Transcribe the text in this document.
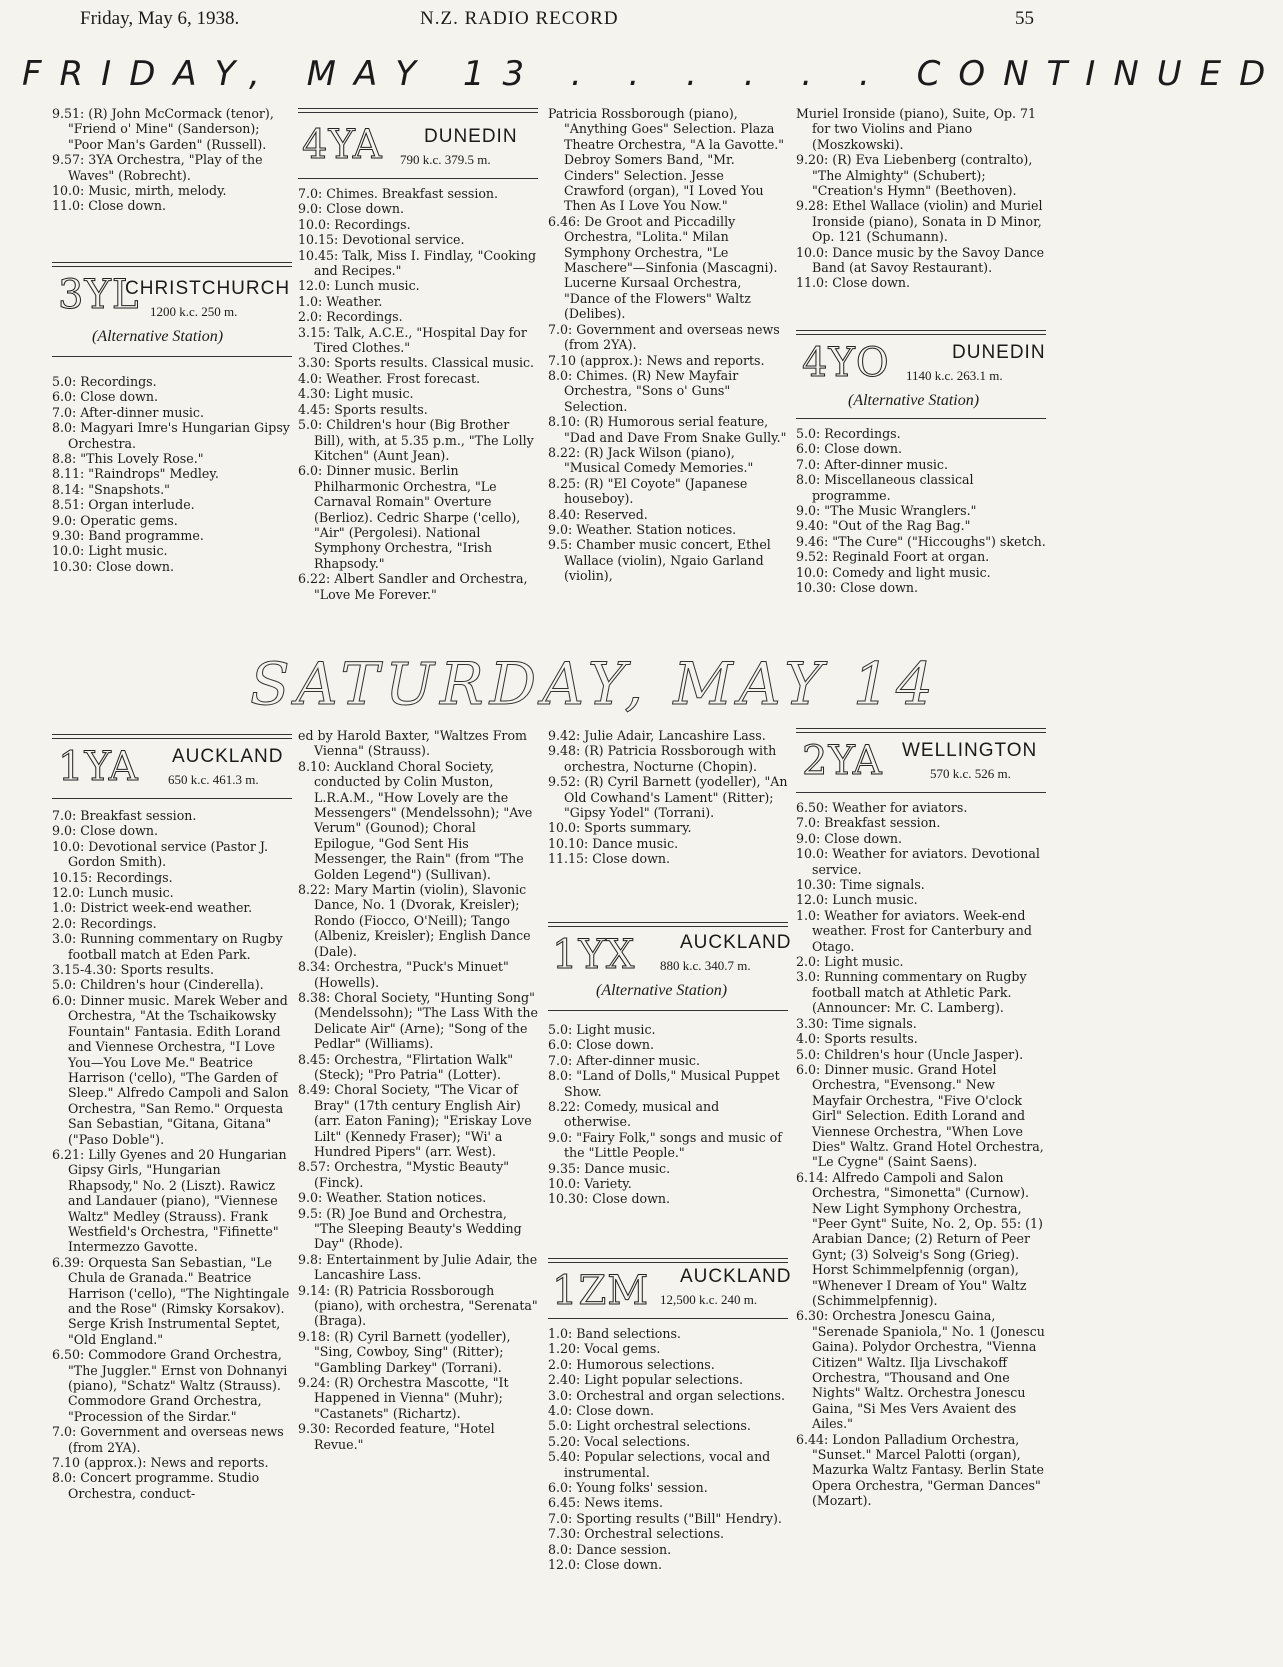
Friday, May 6, 1938.	N.Z. RADIO RECORD	55
FRIDAY, MAY 13 . . . . . . CONTINUED

9.51: (R) John McCormack (tenor), "Friend o' Mine" (Sanderson); "Poor Man's Garden" (Russell).

9.57: 3YA Orchestra, "Play of the Waves" (Robrecht).

10.0: Music, mirth, melody.

11.0: Close down.

3YL
CHRISTCHURCH
1200 k.c. 250 m.
(Alternative Station)

5.0: Recordings.

6.0: Close down.

7.0: After-dinner music.

8.0: Magyari Imre's Hungarian Gipsy Orchestra.

8.8: "This Lovely Rose."

8.11: "Raindrops" Medley.

8.14: "Snapshots."

8.51: Organ interlude.

9.0: Operatic gems.

9.30: Band programme.

10.0: Light music.

10.30: Close down.

4YA DUNEDIN
790 k.c. 379.5 m.

7.0: Chimes. Breakfast session.

9.0: Close down.

10.0: Recordings.

10.15: Devotional service.

10.45: Talk, Miss I. Findlay, "Cooking and Recipes."

12.0: Lunch music.

1.0: Weather.

2.0: Recordings.

3.15: Talk, A.C.E., "Hospital Day for Tired Clothes."

3.30: Sports results. Classical music.

4.0: Weather. Frost forecast.

4.30: Light music.

4.45: Sports results.

5.0: Children's hour (Big Brother Bill), with, at 5.35 p.m., "The Lolly Kitchen" (Aunt Jean).

6.0: Dinner music. Berlin Philharmonic Orchestra, "Le Carnaval Romain" Overture (Berlioz). Cedric Sharpe ('cello), "Air" (Pergolesi). National Symphony Orchestra, "Irish Rhapsody."

6.22: Albert Sandler and Orchestra, "Love Me Forever."

Patricia Rossborough (piano), "Anything Goes" Selection. Plaza Theatre Orchestra, "A la Gavotte." Debroy Somers Band, "Mr. Cinders" Selection. Jesse Crawford (organ), "I Loved You Then As I Love You Now."

6.46: De Groot and Piccadilly Orchestra, "Lolita." Milan Symphony Orchestra, "Le Maschere"—Sinfonia (Mascagni). Lucerne Kursaal Orchestra, "Dance of the Flowers" Waltz (Delibes).

7.0: Government and overseas news (from 2YA).

7.10 (approx.): News and reports.

8.0: Chimes. (R) New Mayfair Orchestra, "Sons o' Guns" Selection.

8.10: (R) Humorous serial feature, "Dad and Dave From Snake Gully."

8.22: (R) Jack Wilson (piano), "Musical Comedy Memories."

8.25: (R) "El Coyote" (Japanese houseboy).

8.40: Reserved.

9.0: Weather. Station notices.

9.5: Chamber music concert, Ethel Wallace (violin), Ngaio Garland (violin),

Muriel Ironside (piano), Suite, Op. 71 for two Violins and Piano (Moszkowski).

9.20: (R) Eva Liebenberg (contralto), "The Almighty" (Schubert); "Creation's Hymn" (Beethoven).

9.28: Ethel Wallace (violin) and Muriel Ironside (piano), Sonata in D Minor, Op. 121 (Schumann).

10.0: Dance music by the Savoy Dance Band (at Savoy Restaurant).

11.0: Close down.

4YO	DUNEDIN
1140 k.c. 263.1 m.
(Alternative Station)

5.0: Recordings.

6.0: Close down.

7.0: After-dinner music.

8.0: Miscellaneous classical programme.

9.0: "The Music Wranglers."

9.40: "Out of the Rag Bag."

9.46: "The Cure" ("Hiccoughs") sketch.

9.52: Reginald Foort at organ.

10.0: Comedy and light music.

10.30: Close down.

SATURDAY, MAY 14
1YA AUCKLAND
650 k.c. 461.3 m.

7.0: Breakfast session.

9.0: Close down.

10.0: Devotional service (Pastor J. Gordon Smith).

10.15: Recordings.

12.0: Lunch music.

1.0: District week-end weather.

2.0: Recordings.

3.0: Running commentary on Rugby football match at Eden Park.

3.15-4.30: Sports results.

5.0: Children's hour (Cinderella).

6.0: Dinner music. Marek Weber and Orchestra, "At the Tschaikowsky Fountain" Fantasia. Edith Lorand and Viennese Orchestra, "I Love You—You Love Me." Beatrice Harrison ('cello), "The Garden of Sleep." Alfredo Campoli and Salon Orchestra, "San Remo." Orquesta San Sebastian, "Gitana, Gitana" ("Paso Doble").

6.21: Lilly Gyenes and 20 Hungarian Gipsy Girls, "Hungarian Rhapsody," No. 2 (Liszt). Rawicz and Landauer (piano), "Viennese Waltz" Medley (Strauss). Frank Westfield's Orchestra, "Fifinette" Intermezzo Gavotte.

6.39: Orquesta San Sebastian, "Le Chula de Granada." Beatrice Harrison ('cello), "The Nightingale and the Rose" (Rimsky Korsakov). Serge Krish Instrumental Septet, "Old England."

6.50: Commodore Grand Orchestra, "The Juggler." Ernst von Dohnanyi (piano), "Schatz" Waltz (Strauss). Commodore Grand Orchestra, "Procession of the Sirdar."

7.0: Government and overseas news (from 2YA).

7.10 (approx.): News and reports.

8.0: Concert programme. Studio Orchestra, conduct-

ed by Harold Baxter, "Waltzes From Vienna" (Strauss).

8.10: Auckland Choral Society, conducted by Colin Muston, L.R.A.M., "How Lovely are the Messengers" (Mendelssohn); "Ave Verum" (Gounod); Choral Epilogue, "God Sent His Messenger, the Rain" (from "The Golden Legend") (Sullivan).

8.22: Mary Martin (violin), Slavonic Dance, No. 1 (Dvorak, Kreisler); Rondo (Fiocco, O'Neill); Tango (Albeniz, Kreisler); English Dance (Dale).

8.34: Orchestra, "Puck's Minuet" (Howells).

8.38: Choral Society, "Hunting Song" (Mendelssohn); "The Lass With the Delicate Air" (Arne); "Song of the Pedlar" (Williams).

8.45: Orchestra, "Flirtation Walk" (Steck); "Pro Patria" (Lotter).

8.49: Choral Society, "The Vicar of Bray" (17th century English Air) (arr. Eaton Faning); "Eriskay Love Lilt" (Kennedy Fraser); "Wi' a Hundred Pipers" (arr. West).

8.57: Orchestra, "Mystic Beauty" (Finck).

9.0: Weather. Station notices.

9.5: (R) Joe Bund and Orchestra, "The Sleeping Beauty's Wedding Day" (Rhode).

9.8: Entertainment by Julie Adair, the Lancashire Lass.

9.14: (R) Patricia Rossborough (piano), with orchestra, "Serenata" (Braga).

9.18: (R) Cyril Barnett (yodeller), "Sing, Cowboy, Sing" (Ritter); "Gambling Darkey" (Torrani).

9.24: (R) Orchestra Mascotte, "It Happened in Vienna" (Muhr); "Castanets" (Richartz).

9.30: Recorded feature, "Hotel Revue."

9.42: Julie Adair, Lancashire Lass.

9.48: (R) Patricia Rossborough with orchestra, Nocturne (Chopin).

9.52: (R) Cyril Barnett (yodeller), "An Old Cowhand's Lament" (Ritter); "Gipsy Yodel" (Torrani).

10.0: Sports summary.

10.10: Dance music.

11.15: Close down.

1YX AUCKLAND
880 k.c. 340.7 m.
(Alternative Station)

5.0: Light music.

6.0: Close down.

7.0: After-dinner music.

8.0: "Land of Dolls," Musical Puppet Show.

8.22: Comedy, musical and otherwise.

9.0: "Fairy Folk," songs and music of the "Little People."

9.35: Dance music.

10.0: Variety.

10.30: Close down.

1ZM AUCKLAND
12,500 k.c. 240 m.

1.0: Band selections.

1.20: Vocal gems.

2.0: Humorous selections.

2.40: Light popular selections.

3.0: Orchestral and organ selections.

4.0: Close down.

5.0: Light orchestral selections.

5.20: Vocal selections.

5.40: Popular selections, vocal and instrumental.

6.0: Young folks' session.

6.45: News items.

7.0: Sporting results ("Bill" Hendry).

7.30: Orchestral selections.

8.0: Dance session.

12.0: Close down.

2YA WELLINGTON
570 k.c. 526 m.

6.50: Weather for aviators.

7.0: Breakfast session.

9.0: Close down.

10.0: Weather for aviators. Devotional service.

10.30: Time signals.

12.0: Lunch music.

1.0: Weather for aviators. Week-end weather. Frost for Canterbury and Otago.

2.0: Light music.

3.0: Running commentary on Rugby football match at Athletic Park. (Announcer: Mr. C. Lamberg).

3.30: Time signals.

4.0: Sports results.

5.0: Children's hour (Uncle Jasper).

6.0: Dinner music. Grand Hotel Orchestra, "Evensong." New Mayfair Orchestra, "Five O'clock Girl" Selection. Edith Lorand and Viennese Orchestra, "When Love Dies" Waltz. Grand Hotel Orchestra, "Le Cygne" (Saint Saens).

6.14: Alfredo Campoli and Salon Orchestra, "Simonetta" (Curnow). New Light Symphony Orchestra, "Peer Gynt" Suite, No. 2, Op. 55: (1) Arabian Dance; (2) Return of Peer Gynt; (3) Solveig's Song (Grieg). Horst Schimmelpfennig (organ), "Whenever I Dream of You" Waltz (Schimmelpfennig).

6.30: Orchestra Jonescu Gaina, "Serenade Spaniola," No. 1 (Jonescu Gaina). Polydor Orchestra, "Vienna Citizen" Waltz. Ilja Livschakoff Orchestra, "Thousand and One Nights" Waltz. Orchestra Jonescu Gaina, "Si Mes Vers Avaient des Ailes."

6.44: London Palladium Orchestra, "Sunset." Marcel Palotti (organ), Mazurka Waltz Fantasy. Berlin State Opera Orchestra, "German Dances" (Mozart).
